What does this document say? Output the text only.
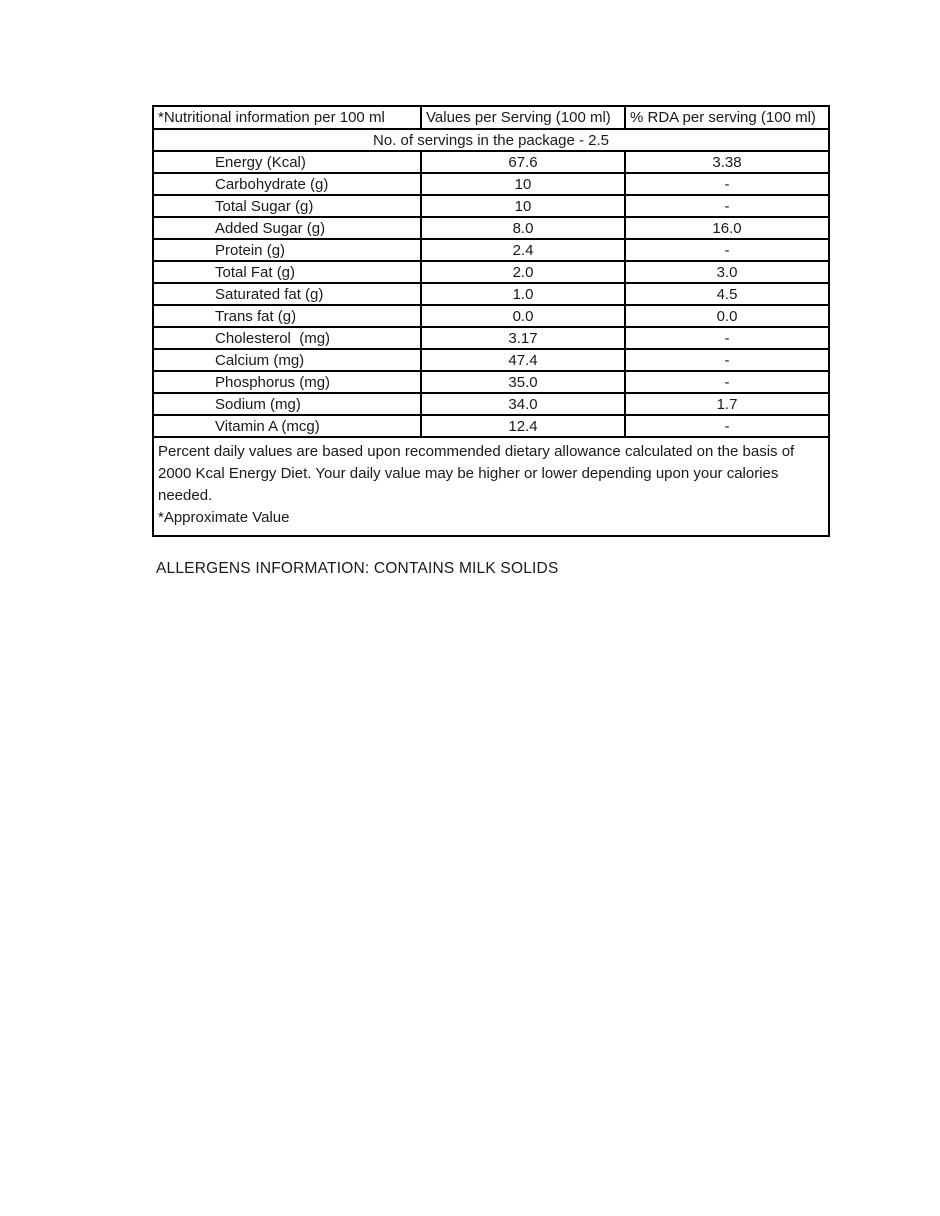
*Nutritional information per 100 ml	Values per Serving (100 ml)	% RDA per serving (100 ml)
No. of servings in the package - 2.5		
Energy (Kcal)	67.6	3.38
Carbohydrate (g)	10	-
Total Sugar (g)	10	-
Added Sugar (g)	8.0	16.0
Protein (g)	2.4	-
Total Fat (g)	2.0	3.0
Saturated fat (g)	1.0	4.5
Trans fat (g)	0.0	0.0
Cholesterol  (mg)	3.17	-
Calcium (mg)	47.4	-
Phosphorus (mg)	35.0	-
Sodium (mg)	34.0	1.7
Vitamin A (mcg)	12.4	-

Percent daily values are based upon recommended dietary allowance calculated on the basis of 2000 Kcal Energy Diet. Your daily value may be higher or lower depending upon your calories needed.
*Approximate Value		
ALLERGENS INFORMATION: CONTAINS MILK SOLIDS
